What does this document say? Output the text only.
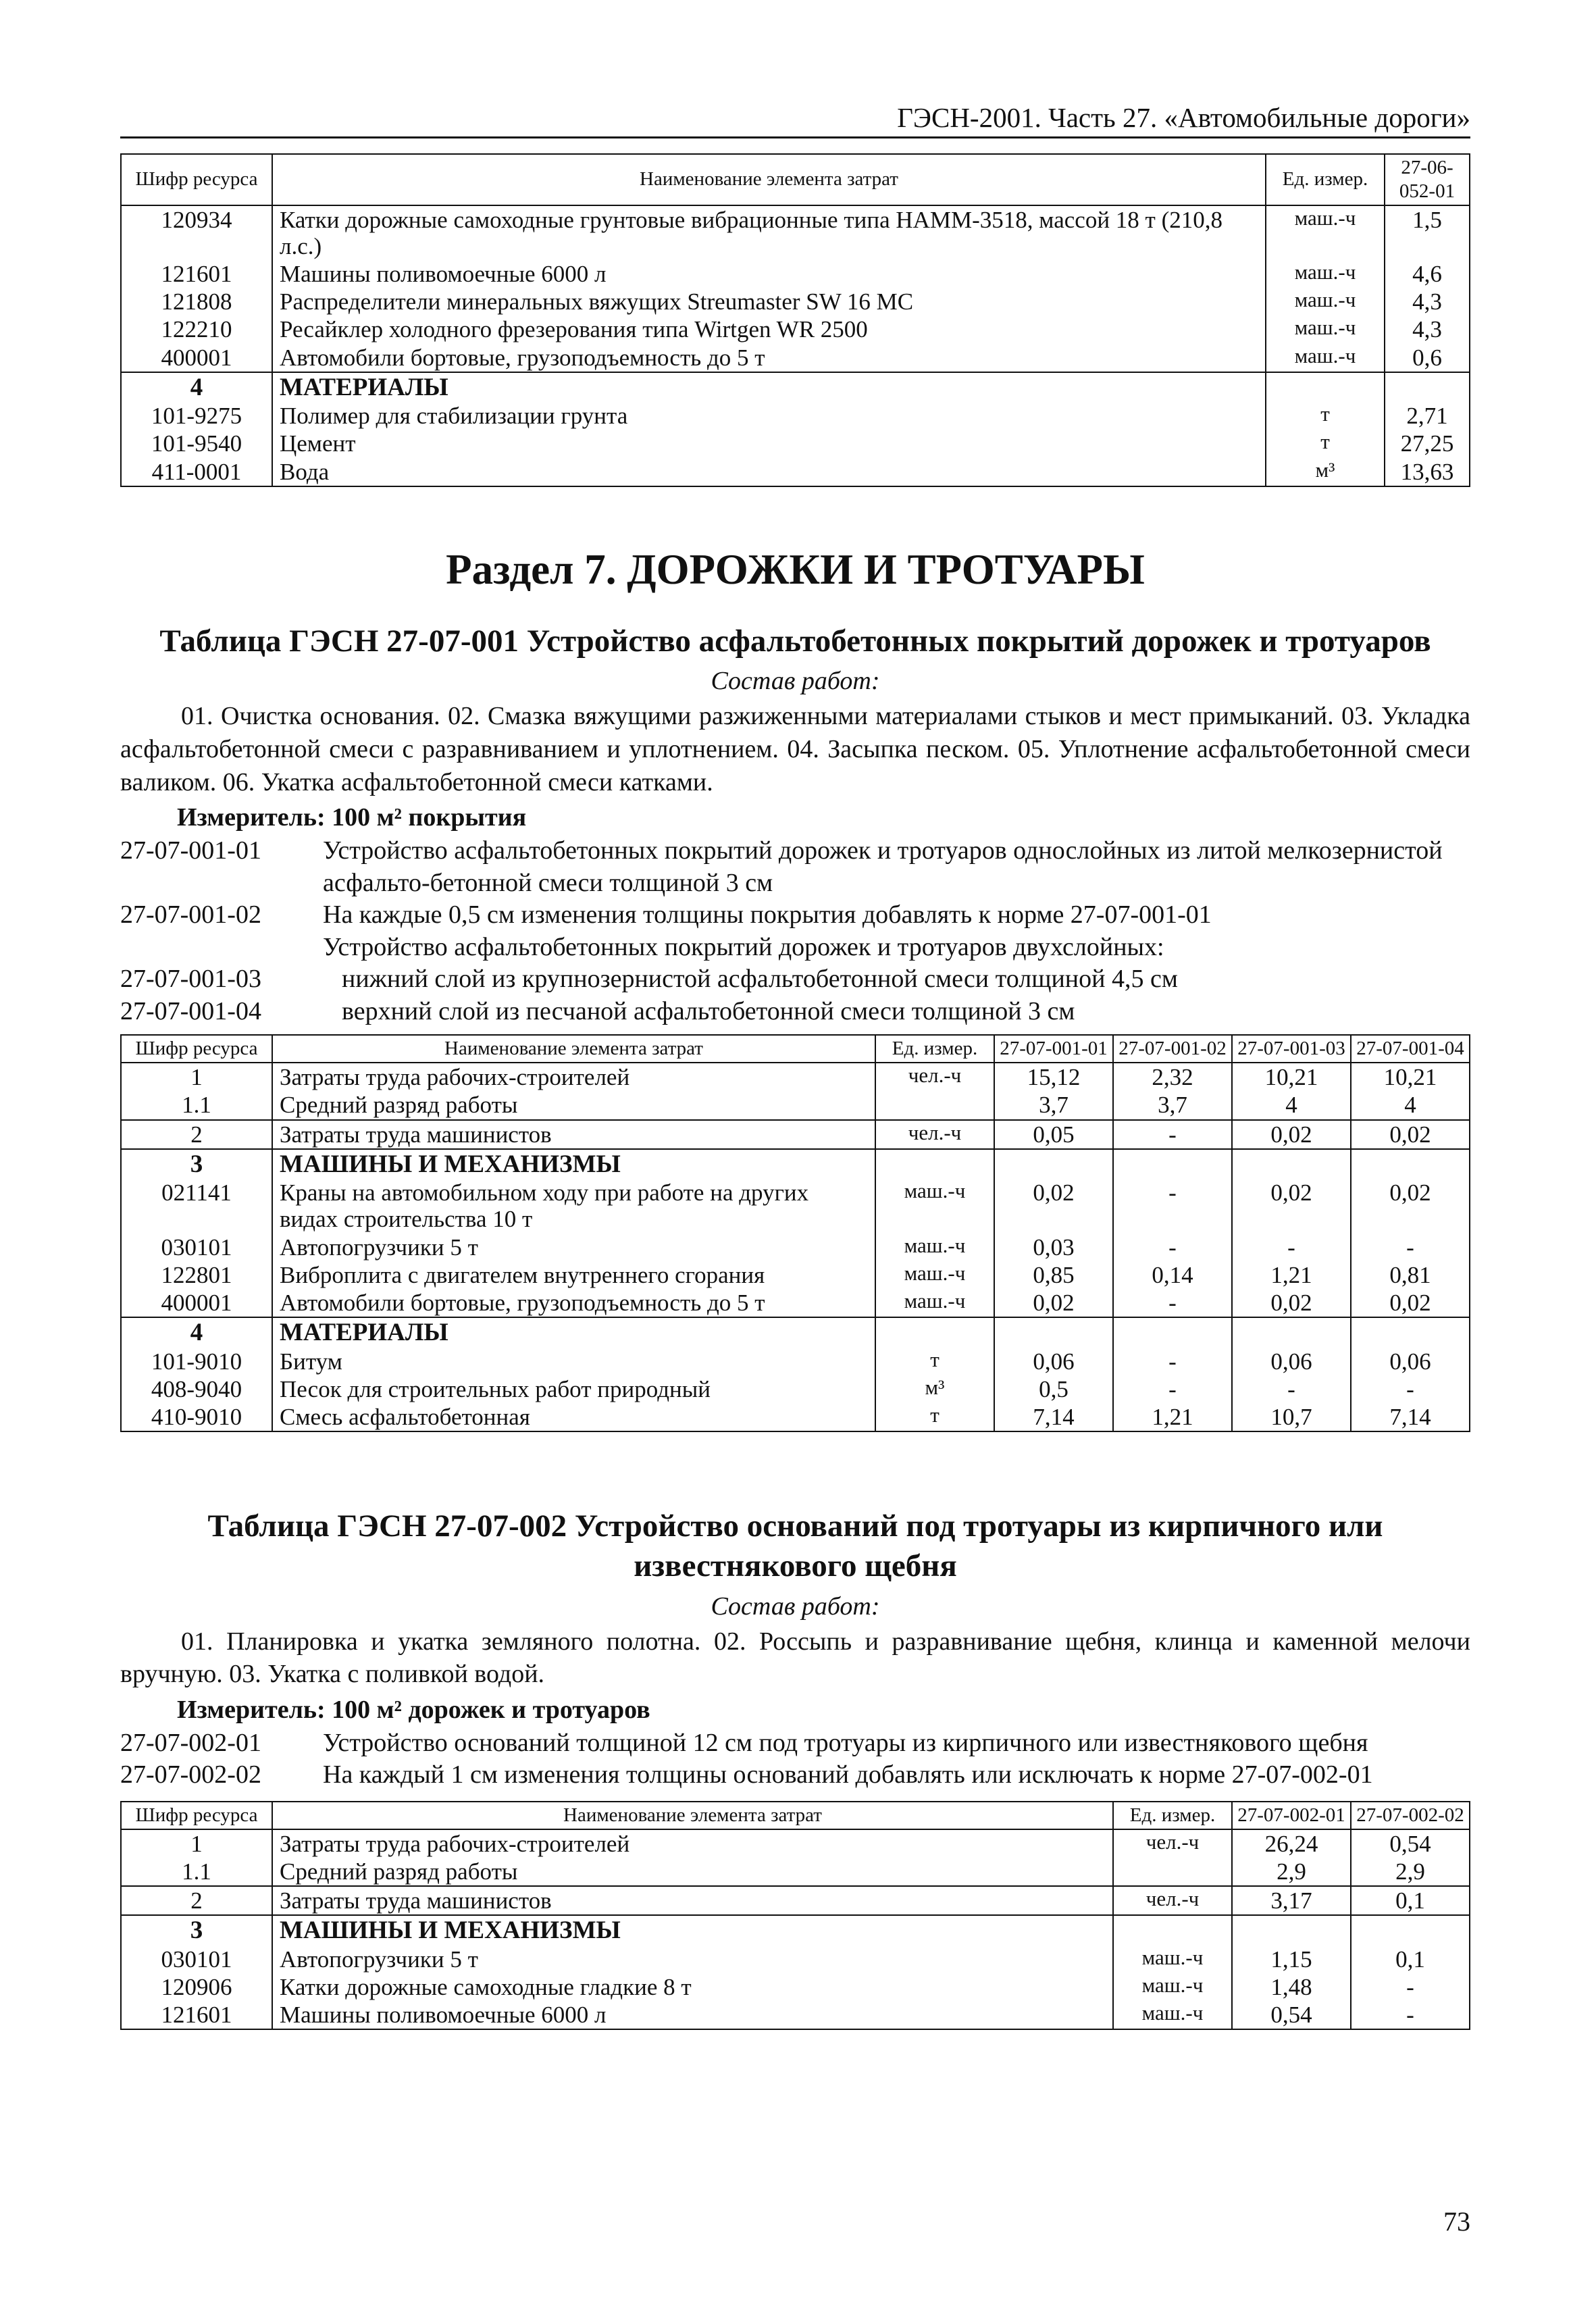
ГЭСН-2001. Часть 27. «Автомобильные дороги»
Шифр ресурса	Наименование элемента затрат	Ед. измер.	27-06-052-01
120934	Катки дорожные самоходные грунтовые вибрационные типа НАММ-3518, массой 18 т (210,8 л.с.)	маш.-ч	1,5
121601	Машины поливомоечные 6000 л	маш.-ч	4,6
121808	Распределители минеральных вяжущих Streumaster SW 16 MC	маш.-ч	4,3
122210	Ресайклер холодного фрезерования типа Wirtgen WR 2500	маш.-ч	4,3
400001	Автомобили бортовые, грузоподъемность до 5 т	маш.-ч	0,6
4	МАТЕРИАЛЫ		
101-9275	Полимер для стабилизации грунта	т	2,71
101-9540	Цемент	т	27,25
411-0001	Вода	м³	13,63
Раздел 7. ДОРОЖКИ И ТРОТУАРЫ
Таблица ГЭСН 27-07-001 Устройство асфальтобетонных покрытий дорожек и тротуаров
Состав работ:

01. Очистка основания. 02. Смазка вяжущими разжиженными материалами стыков и мест примыканий. 03. Укладка асфальтобетонной смеси с разравниванием и уплотнением. 04. Засыпка песком. 05. Уплотнение асфальтобетонной смеси валиком. 06. Укатка асфальтобетонной смеси катками.

Измеритель: 100 м² покрытия
27-07-001-01	Устройство асфальтобетонных покрытий дорожек и тротуаров однослойных из литой мелкозернистой асфальто-бетонной смеси толщиной 3 см
27-07-001-02	На каждые 0,5 см изменения толщины покрытия добавлять к норме 27-07-001-01
Устройство асфальтобетонных покрытий дорожек и тротуаров двухслойных:
27-07-001-03	нижний слой из крупнозернистой асфальтобетонной смеси толщиной 4,5 см
27-07-001-04	верхний слой из песчаной асфальтобетонной смеси толщиной 3 см
Шифр ресурса	Наименование элемента затрат	Ед. измер.	27-07-001-01	27-07-001-02	27-07-001-03	27-07-001-04
1	Затраты труда рабочих-строителей	чел.-ч	15,12	2,32	10,21	10,21
1.1	Средний разряд работы		3,7	3,7	4	4
2	Затраты труда машинистов	чел.-ч	0,05	-	0,02	0,02
3	МАШИНЫ И МЕХАНИЗМЫ					
021141	Краны на автомобильном ходу при работе на других видах строительства 10 т	маш.-ч	0,02	-	0,02	0,02
030101	Автопогрузчики 5 т	маш.-ч	0,03	-	-	-
122801	Виброплита с двигателем внутреннего сгорания	маш.-ч	0,85	0,14	1,21	0,81
400001	Автомобили бортовые, грузоподъемность до 5 т	маш.-ч	0,02	-	0,02	0,02
4	МАТЕРИАЛЫ					
101-9010	Битум	т	0,06	-	0,06	0,06
408-9040	Песок для строительных работ природный	м³	0,5	-	-	-
410-9010	Смесь асфальтобетонная	т	7,14	1,21	10,7	7,14
Таблица ГЭСН 27-07-002 Устройство оснований под тротуары из кирпичного или известнякового щебня
Состав работ:

01. Планировка и укатка земляного полотна. 02. Россыпь и разравнивание щебня, клинца и каменной мелочи вручную. 03. Укатка с поливкой водой.

Измеритель: 100 м² дорожек и тротуаров
27-07-002-01	Устройство оснований толщиной 12 см под тротуары из кирпичного или известнякового щебня
27-07-002-02	На каждый 1 см изменения толщины оснований добавлять или исключать к норме 27-07-002-01
Шифр ресурса	Наименование элемента затрат	Ед. измер.	27-07-002-01	27-07-002-02
1	Затраты труда рабочих-строителей	чел.-ч	26,24	0,54
1.1	Средний разряд работы		2,9	2,9
2	Затраты труда машинистов	чел.-ч	3,17	0,1
3	МАШИНЫ И МЕХАНИЗМЫ			
030101	Автопогрузчики 5 т	маш.-ч	1,15	0,1
120906	Катки дорожные самоходные гладкие 8 т	маш.-ч	1,48	-
121601	Машины поливомоечные 6000 л	маш.-ч	0,54	-
73
